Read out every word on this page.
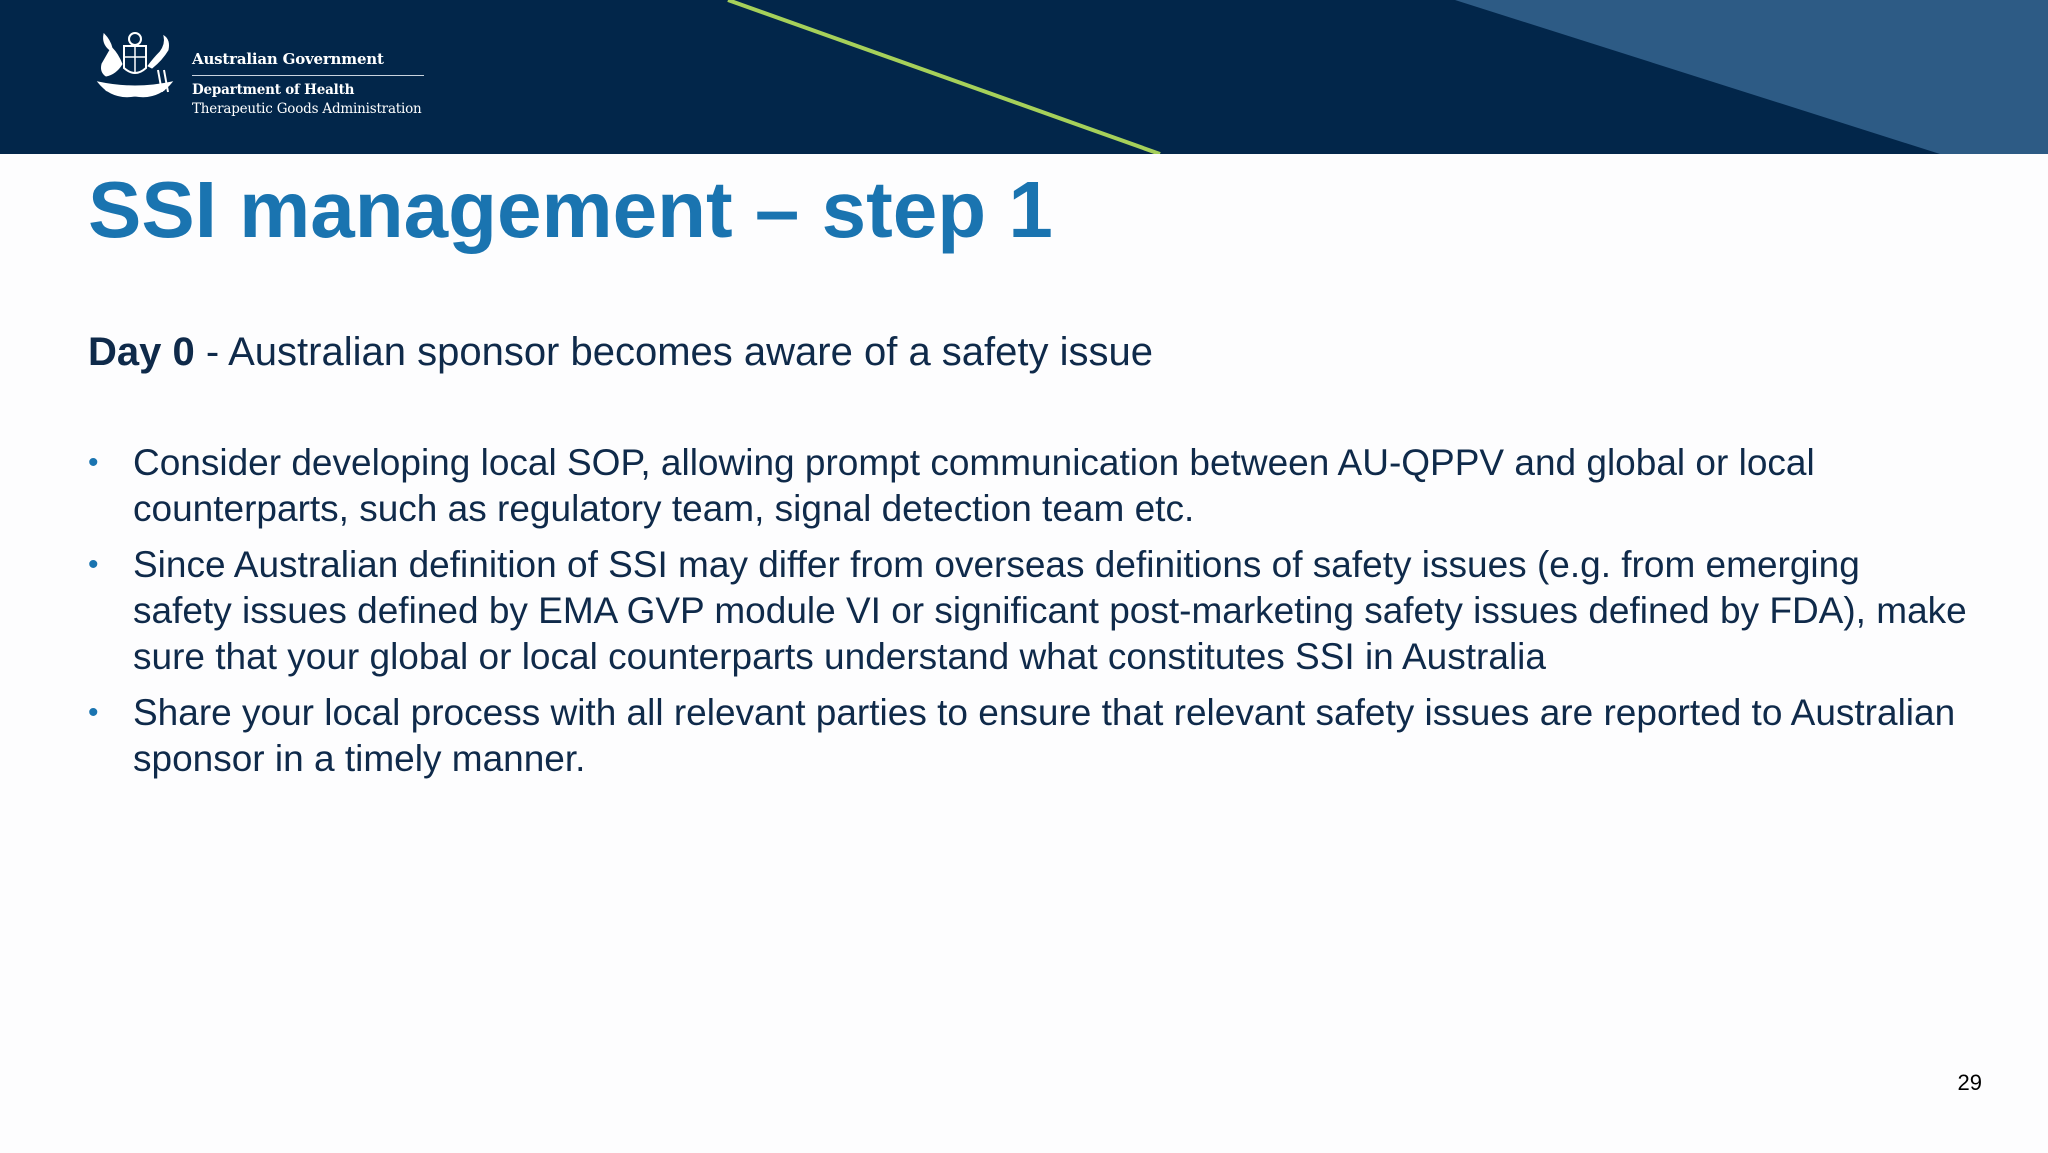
Australian Government
Department of Health
Therapeutic Goods Administration
SSI management – step 1
Day 0 - Australian sponsor becomes aware of a safety issue
• Consider developing local SOP, allowing prompt communication between AU-QPPV and global or local counterparts, such as regulatory team, signal detection team etc.
• Since Australian definition of SSI may differ from overseas definitions of safety issues (e.g. from emerging safety issues defined by EMA GVP module VI or significant post-marketing safety issues defined by FDA), make sure that your global or local counterparts understand what constitutes SSI in Australia
• Share your local process with all relevant parties to ensure that relevant safety issues are reported to Australian sponsor in a timely manner.
29
